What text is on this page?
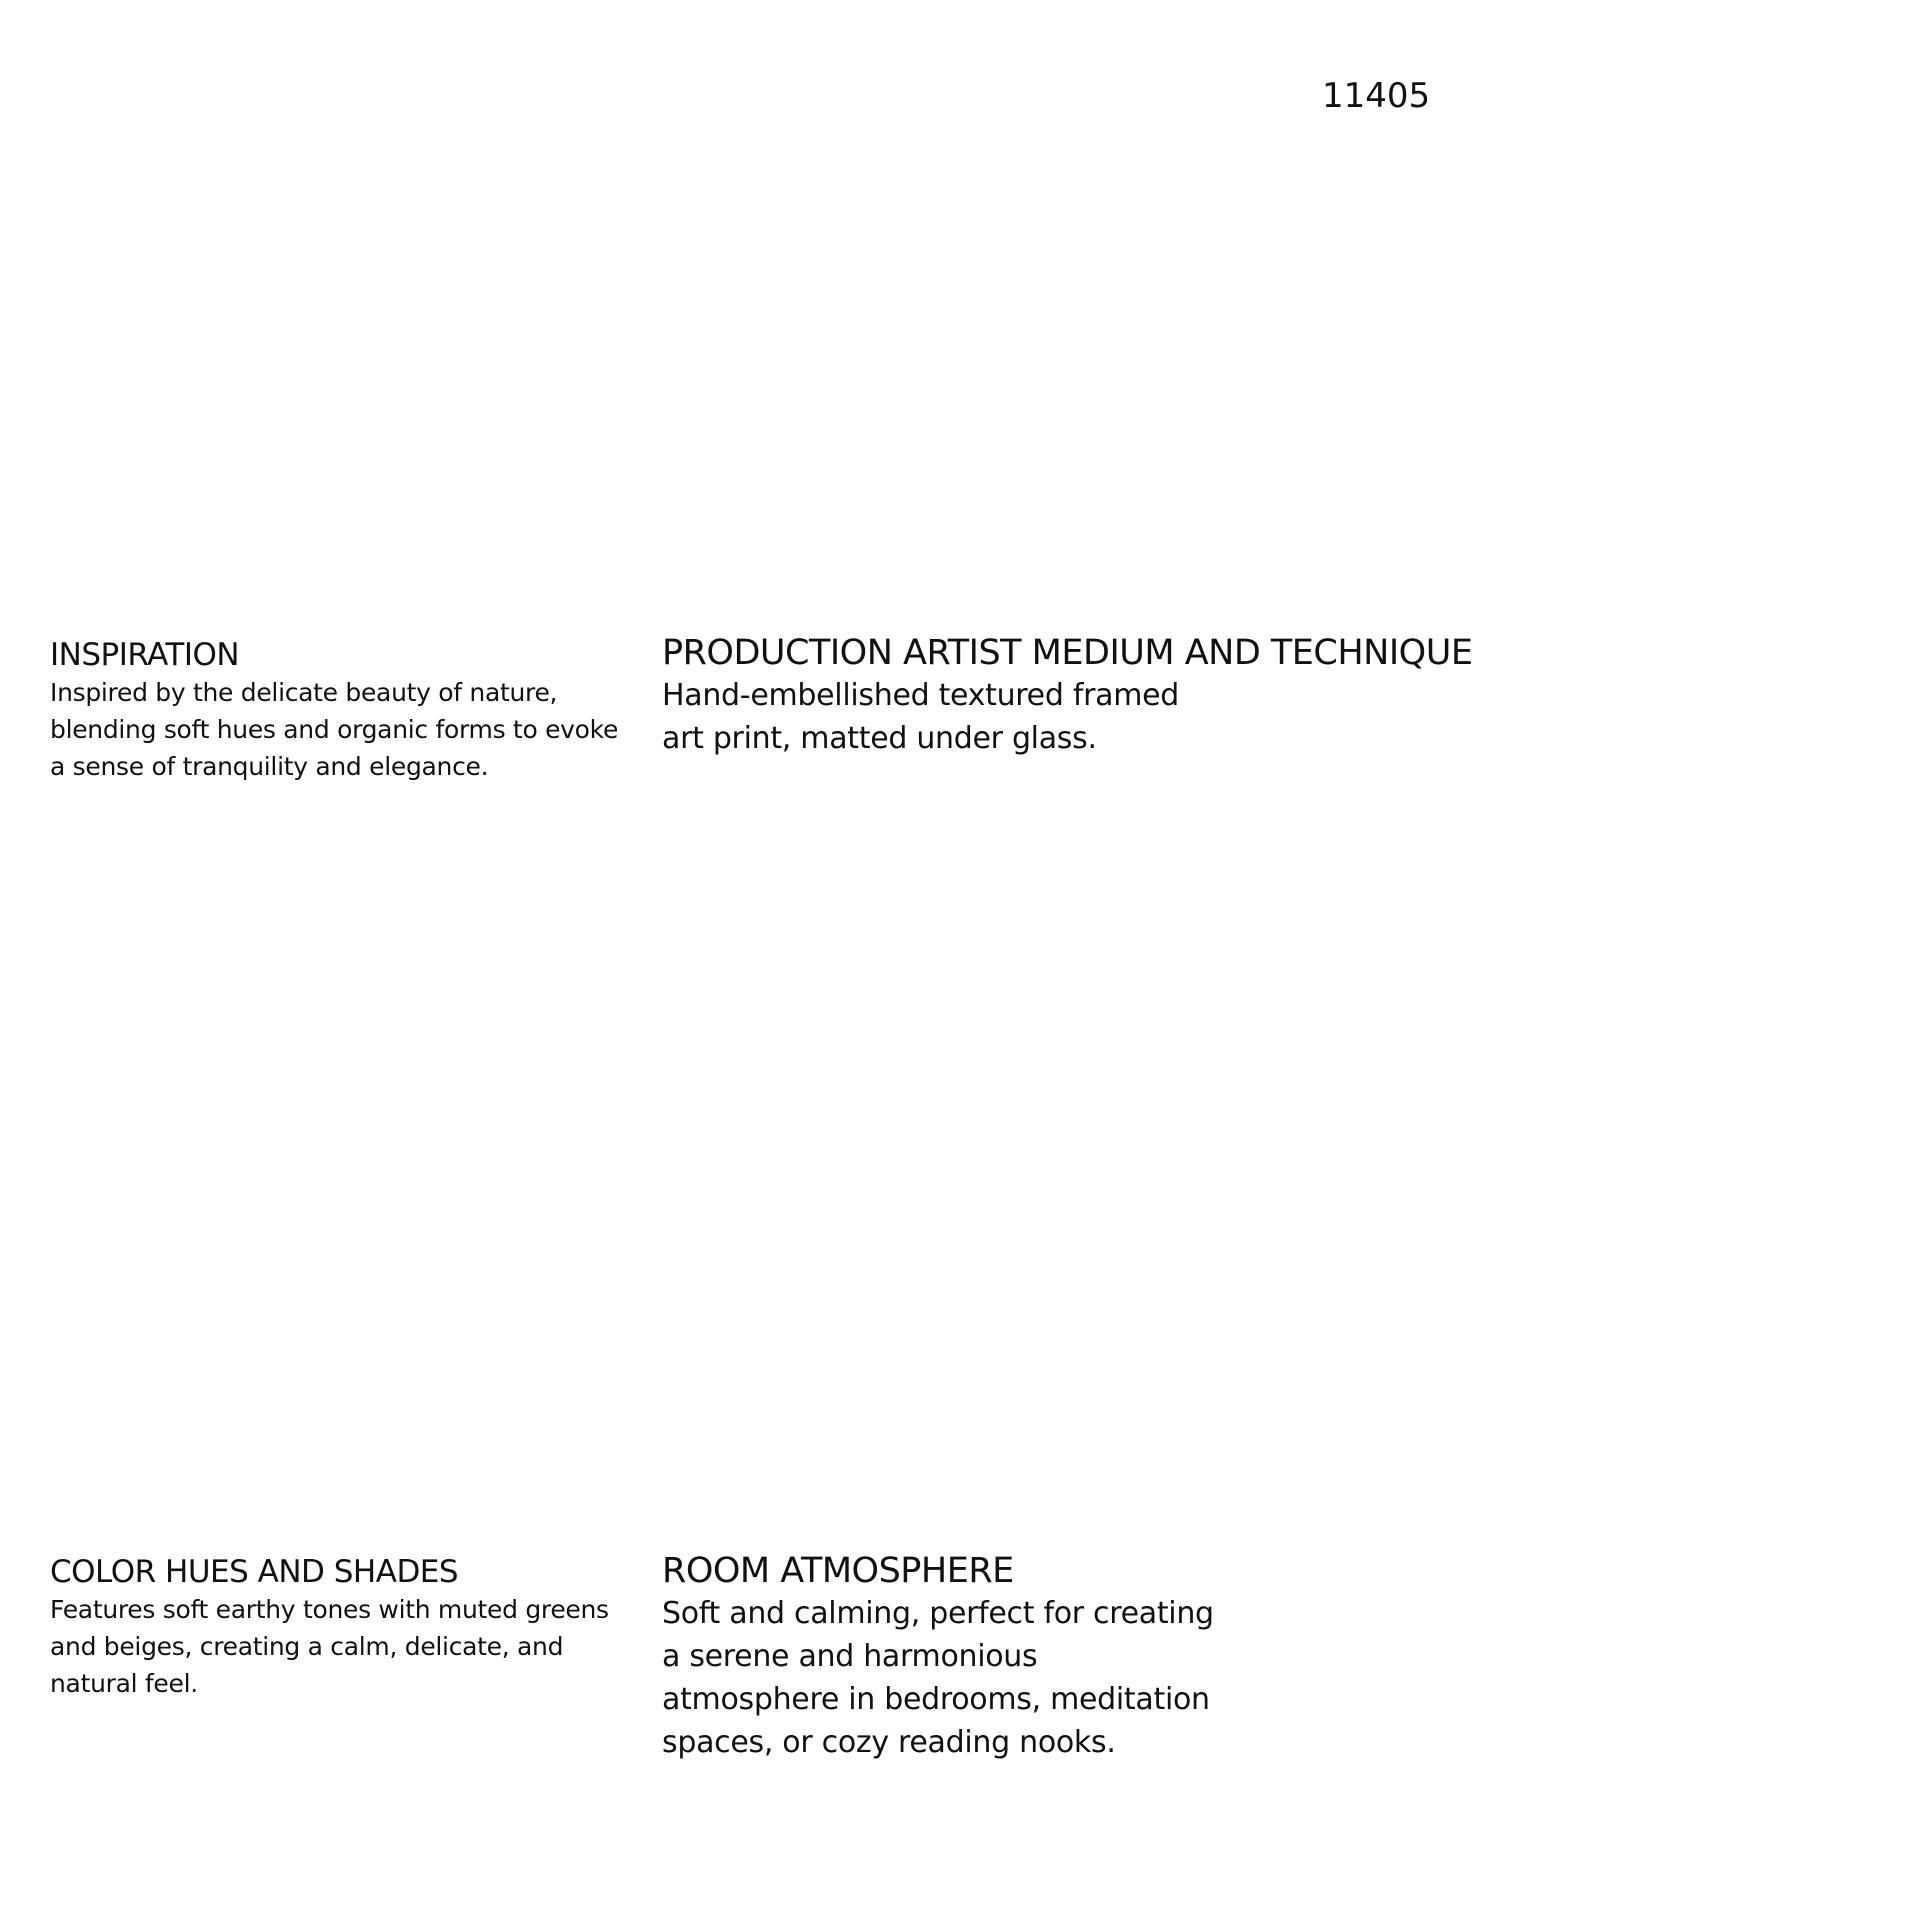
11405
INSPIRATION

Inspired by the delicate beauty of nature, blending soft hues and organic forms to evoke a sense of tranquility and elegance.

PRODUCTION ARTIST MEDIUM AND TECHNIQUE

Hand-embellished textured framed art print, matted under glass.

COLOR HUES AND SHADES

Features soft earthy tones with muted greens and beiges, creating a calm, delicate, and natural feel.

ROOM ATMOSPHERE

Soft and calming, perfect for creating a serene and harmonious atmosphere in bedrooms, meditation spaces, or cozy reading nooks.
